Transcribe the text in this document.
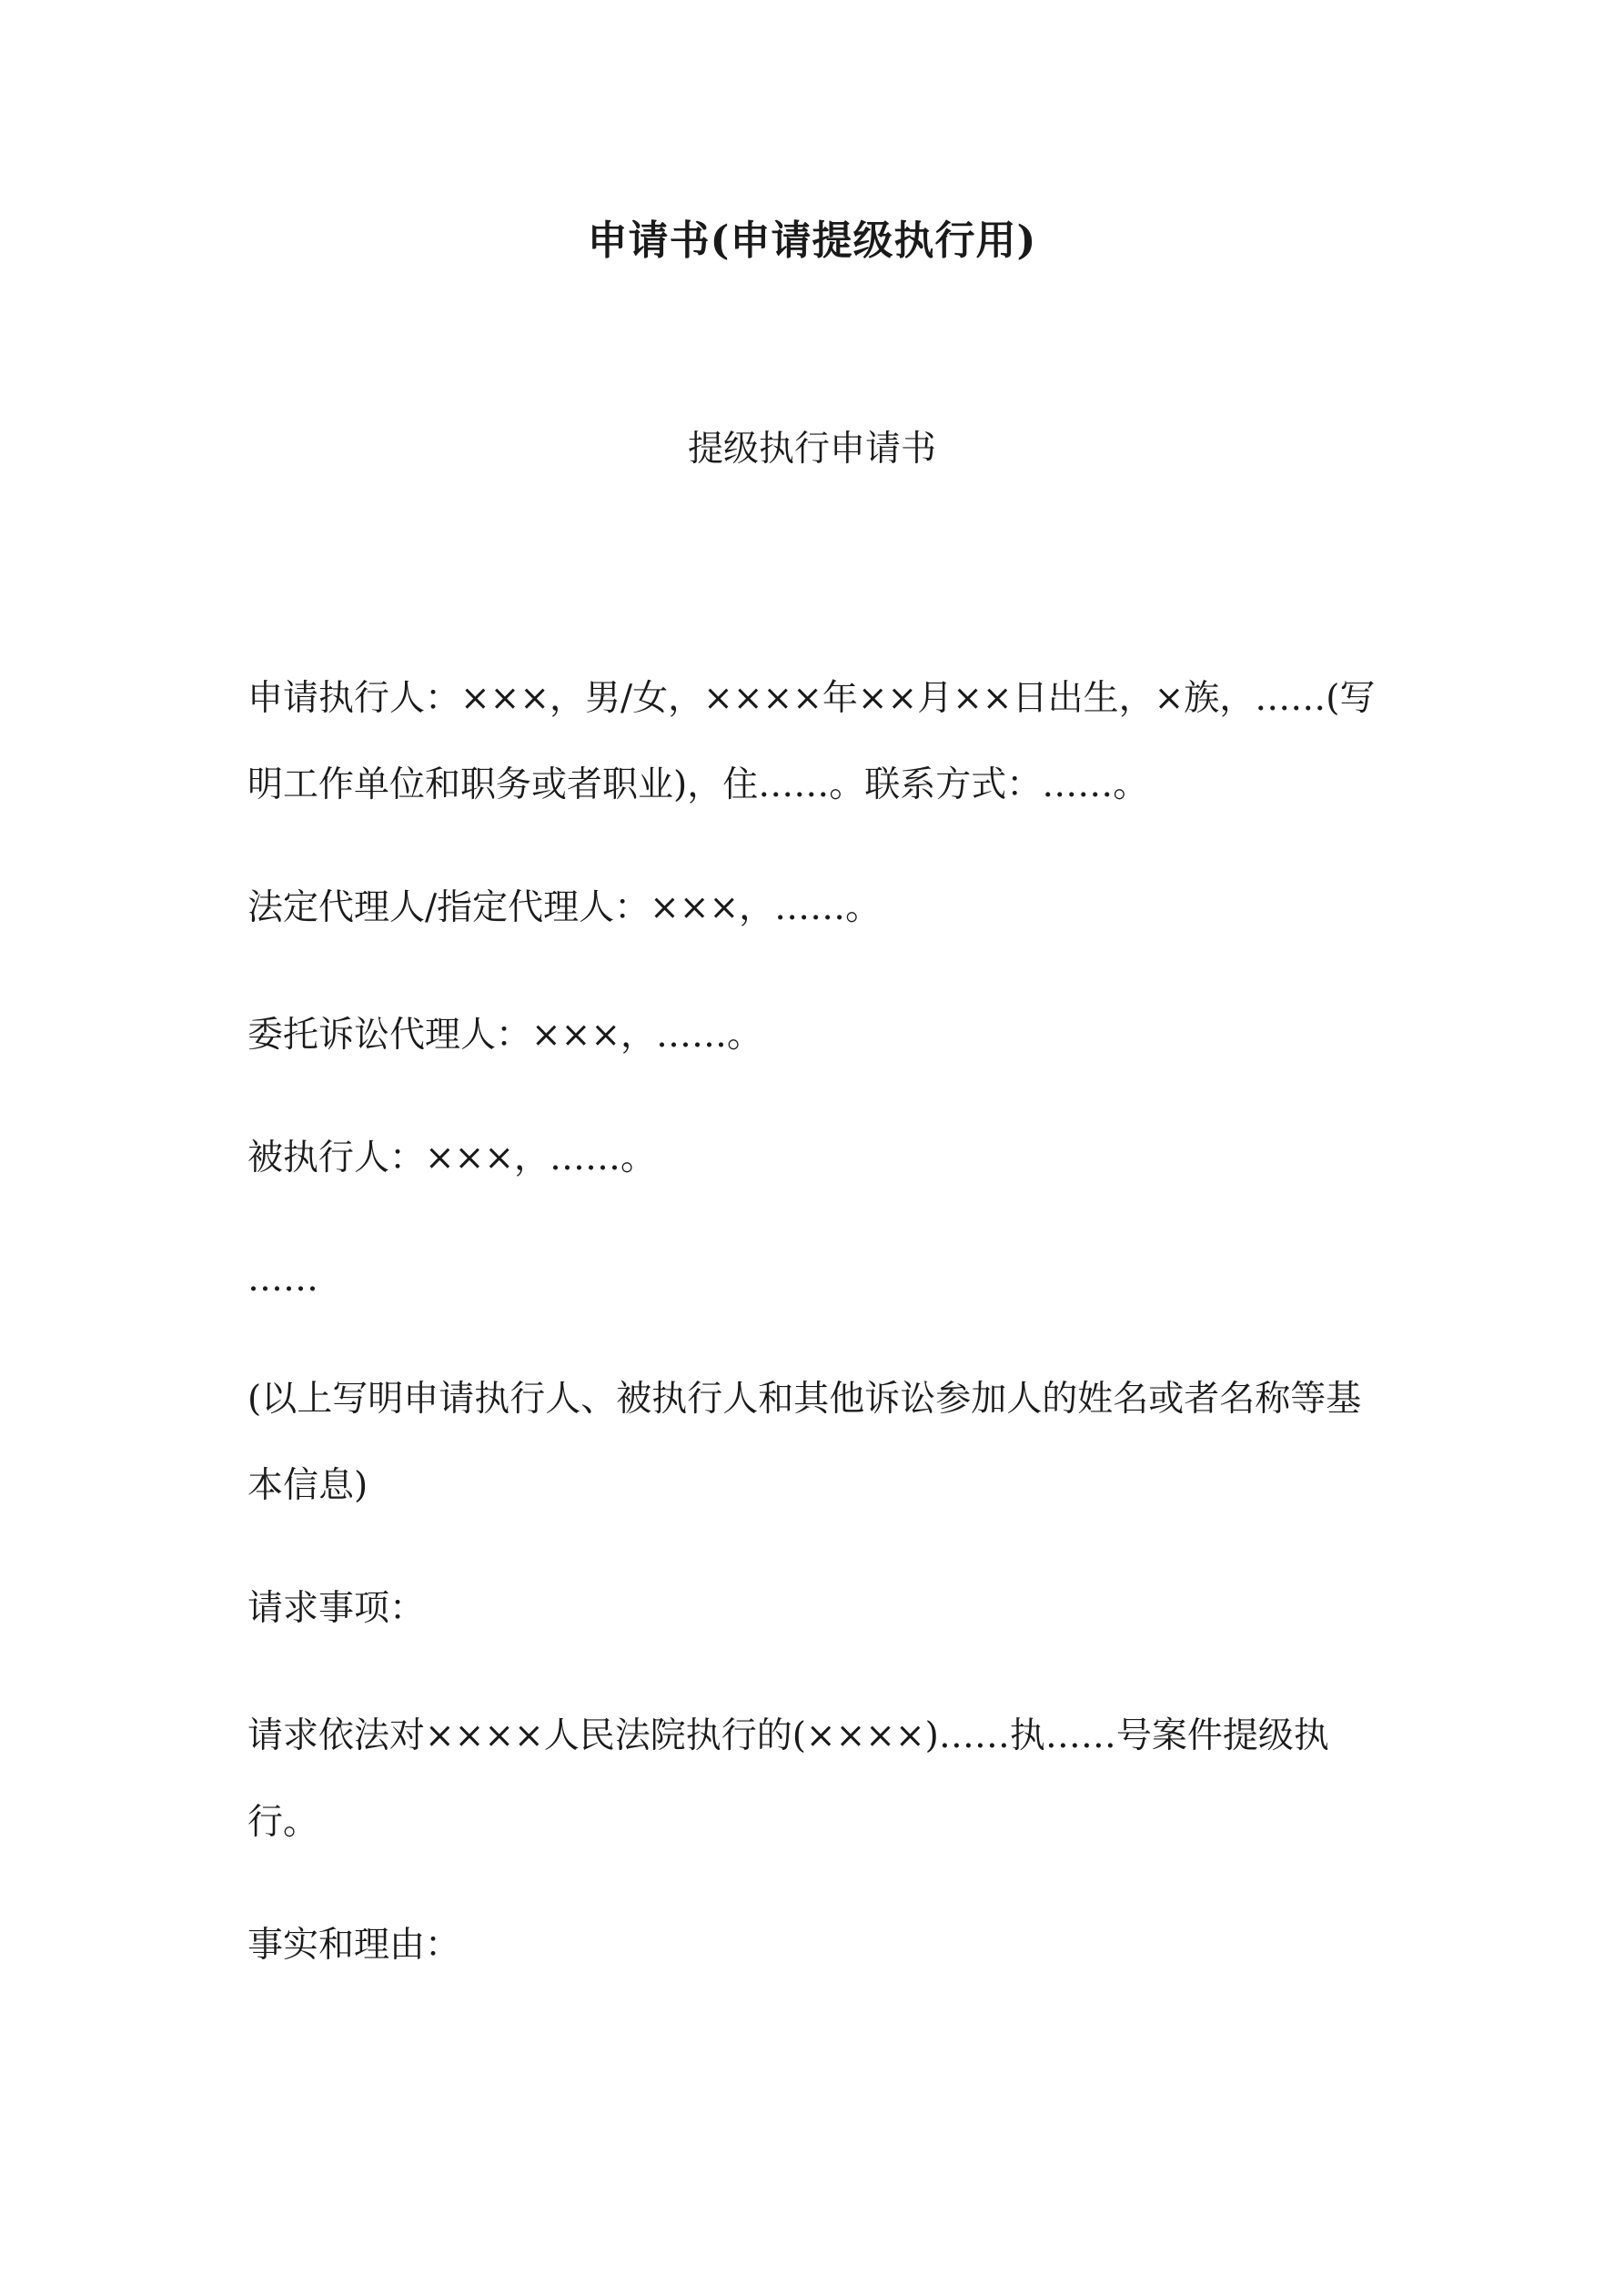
申请书(申请提级执行用)
提级执行申请书

申请执行人：×××，男/女，××××年××月××日出生，×族，……(写明工作单位和职务或者职业)，住……。联系方式：……。

法定代理人/指定代理人：×××，……。

委托诉讼代理人：×××，……。

被执行人：×××，……。

……

(以上写明申请执行人、被执行人和其他诉讼参加人的姓名或者名称等基本信息)

请求事项：

请求依法对××××人民法院执行的(××××)……执……号案件提级执行。

事实和理由：
